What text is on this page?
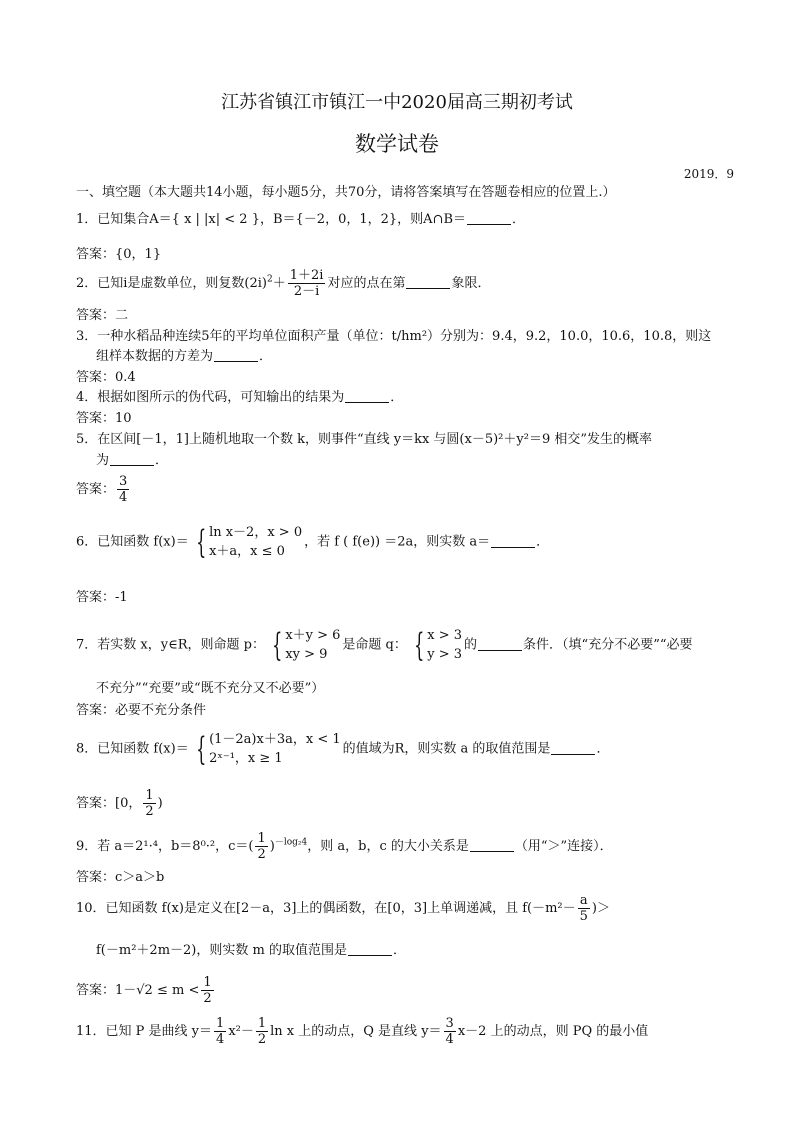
江苏省镇江市镇江一中2020届高三期初考试
数学试卷
2019．9
一、填空题（本大题共14小题，每小题5分，共70分，请将答案填写在答题卷相应的位置上.）
1．已知集合A＝{ x | |x| < 2 }，B＝{－2，0，1，2}，则A∩B＝	．
答案：{0，1}
2．已知i是虚数单位，则复数$(2i)^2+ \frac{1+2i}{2-i}$ 对应的点在第	象限．
答案：二
3．一种水稻品种连续5年的平均单位面积产量（单位：t/hm²）分别为：9.4，9.2，10.0，10.6，10.8，则这
组样本数据的方差为	．
答案：0.4
4．根据如图所示的伪代码，可知输出的结果为	．
答案：10
5．在区间[－1，1]上随机地取一个数 k，则事件“直线 y＝kx 与圆(x－5)²＋y²＝9 相交”发生的概率
为	．
答案： $\frac{3}{4}$
6．已知函数 f(x)＝ { ln x－2，x > 0
x＋a，x ≤ 0
，若 f ( f(e)) ＝2a，则实数 a＝	．
答案：-1
7．若实数 x，y∈R，则命题 p： { x＋y > 6
xy > 9
是命题 q： { x > 3
y > 3
的	条件．（填“充分不必要”“必要
不充分”“充要”或“既不充分又不必要”）
答案：必要不充分条件
8．已知函数 f(x)＝ { (1－2a)x＋3a，x < 1
2ˣ⁻¹，x ≥ 1
的值域为R，则实数 a 的取值范围是	．
答案：[0， $\frac{1}{2}$ )
9．若 a＝2¹·⁴，b＝8⁰·²，$c=( \frac{1}{2} )^{-log_24}$，则 a，b，c 的大小关系是	（用“＞”连接）．
答案：c＞a＞b
10．已知函数 f(x)是定义在[2－a，3]上的偶函数，在[0，3]上单调递减，且 $f(-m^2- \frac{a}{5}$ )＞
f(－m²＋2m－2)，则实数 m 的取值范围是	．
答案：$1-√2 \le m < \frac{1}{2}$
11．已知 P 是曲线 $y= \frac{1}{4} x^2- \frac{1}{2}$ ln x 上的动点，Q 是直线 $y= \frac{3}{4} x-2$ 上的动点，则 PQ 的最小值
